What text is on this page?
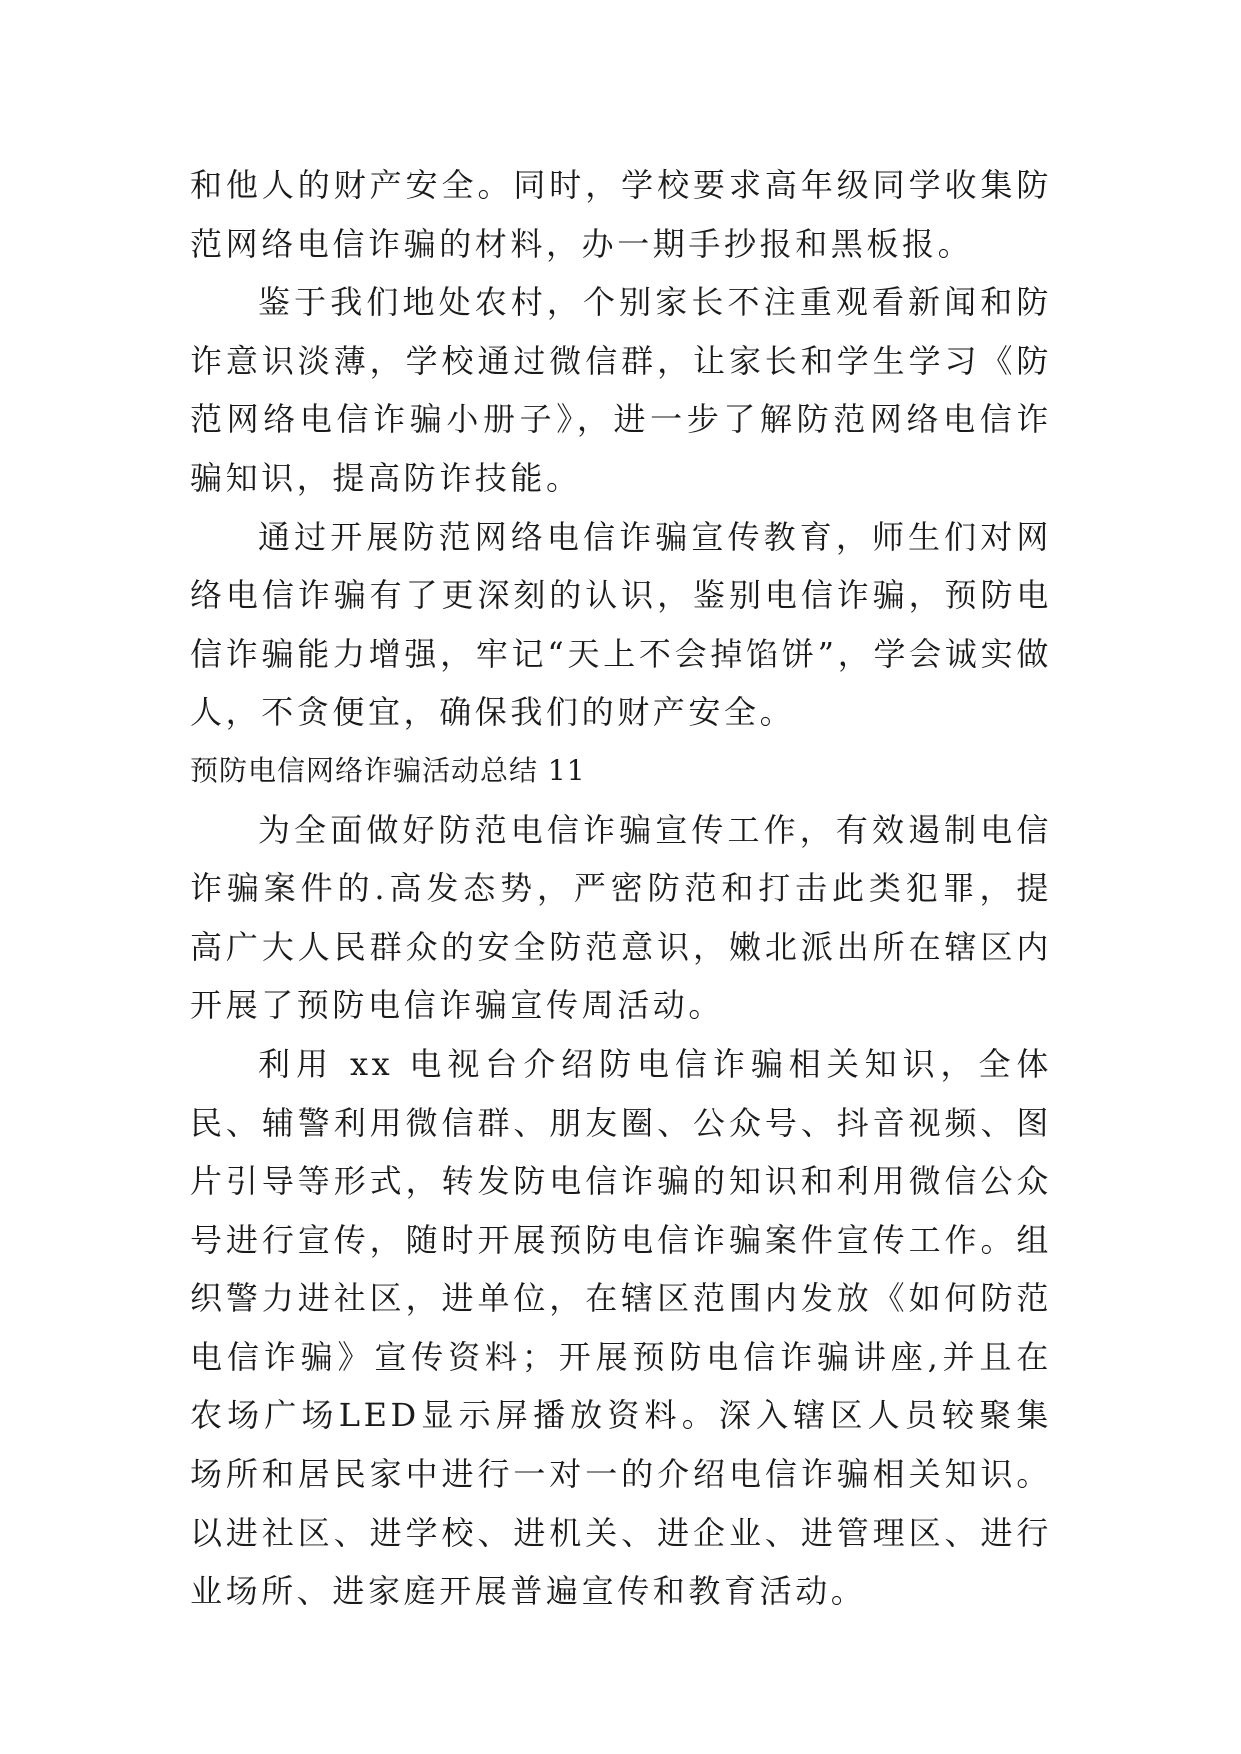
和他人的财产安全。同时，学校要求高年级同学收集防范网络电信诈骗的材料，办一期手抄报和黑板报。

鉴于我们地处农村，个别家长不注重观看新闻和防诈意识淡薄，学校通过微信群，让家长和学生学习《防范网络电信诈骗小册子》，进一步了解防范网络电信诈骗知识，提高防诈技能。

通过开展防范网络电信诈骗宣传教育，师生们对网络电信诈骗有了更深刻的认识，鉴别电信诈骗，预防电信诈骗能力增强，牢记“天上不会掉馅饼”，学会诚实做人，不贪便宜，确保我们的财产安全。

预防电信网络诈骗活动总结 11

为全面做好防范电信诈骗宣传工作，有效遏制电信诈骗案件的.高发态势，严密防范和打击此类犯罪，提高广大人民群众的安全防范意识，嫩北派出所在辖区内开展了预防电信诈骗宣传周活动。

利用 xx 电视台介绍防电信诈骗相关知识，全体民、辅警利用微信群、朋友圈、公众号、抖音视频、图片引导等形式，转发防电信诈骗的知识和利用微信公众号进行宣传，随时开展预防电信诈骗案件宣传工作。组织警力进社区，进单位，在辖区范围内发放《如何防范电信诈骗》宣传资料；开展预防电信诈骗讲座,并且在农场广场LED显示屏播放资料。深入辖区人员较聚集场所和居民家中进行一对一的介绍电信诈骗相关知识。以进社区、进学校、进机关、进企业、进管理区、进行业场所、进家庭开展普遍宣传和教育活动。
